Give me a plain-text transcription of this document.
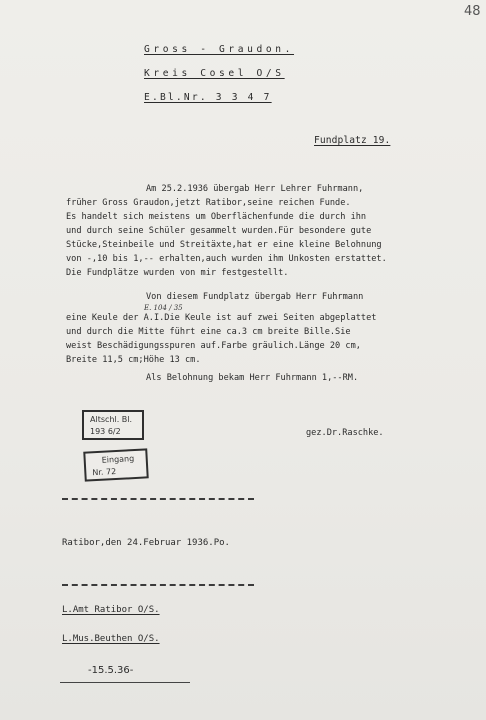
48
Gross - Graudon.
Kreis Cosel O/S
E.Bl.Nr. 3 3 4 7
Fundplatz 19.
Am 25.2.1936 übergab Herr Lehrer Fuhrmann,
früher Gross Graudon,jetzt Ratibor,seine reichen Funde.
Es handelt sich meistens um Oberflächenfunde die durch ihn
und durch seine Schüler gesammelt wurden.Für besondere gute
Stücke,Steinbeile und Streitäxte,hat er eine kleine Belohnung
von -,10 bis 1,-- erhalten,auch wurden ihm Unkosten erstattet.
Die Fundplätze wurden von mir festgestellt.
Von diesem Fundplatz übergab Herr Fuhrmann
E. 104 / 35
eine Keule der A.I.Die Keule ist auf zwei Seiten abgeplattet
und durch die Mitte führt eine ca.3 cm breite Bille.Sie
weist Beschädigungsspuren auf.Farbe gräulich.Länge 20 cm,
Breite 11,5 cm;Höhe 13 cm.
Als Belohnung bekam Herr Fuhrmann 1,--RM.
Altschl. Bl.
193 6/2
Eingang
Nr. 72
gez.Dr.Raschke.
Ratibor,den 24.Februar 1936.Po.
L.Amt Ratibor O/S.
L.Mus.Beuthen O/S.
-15.5.36-
